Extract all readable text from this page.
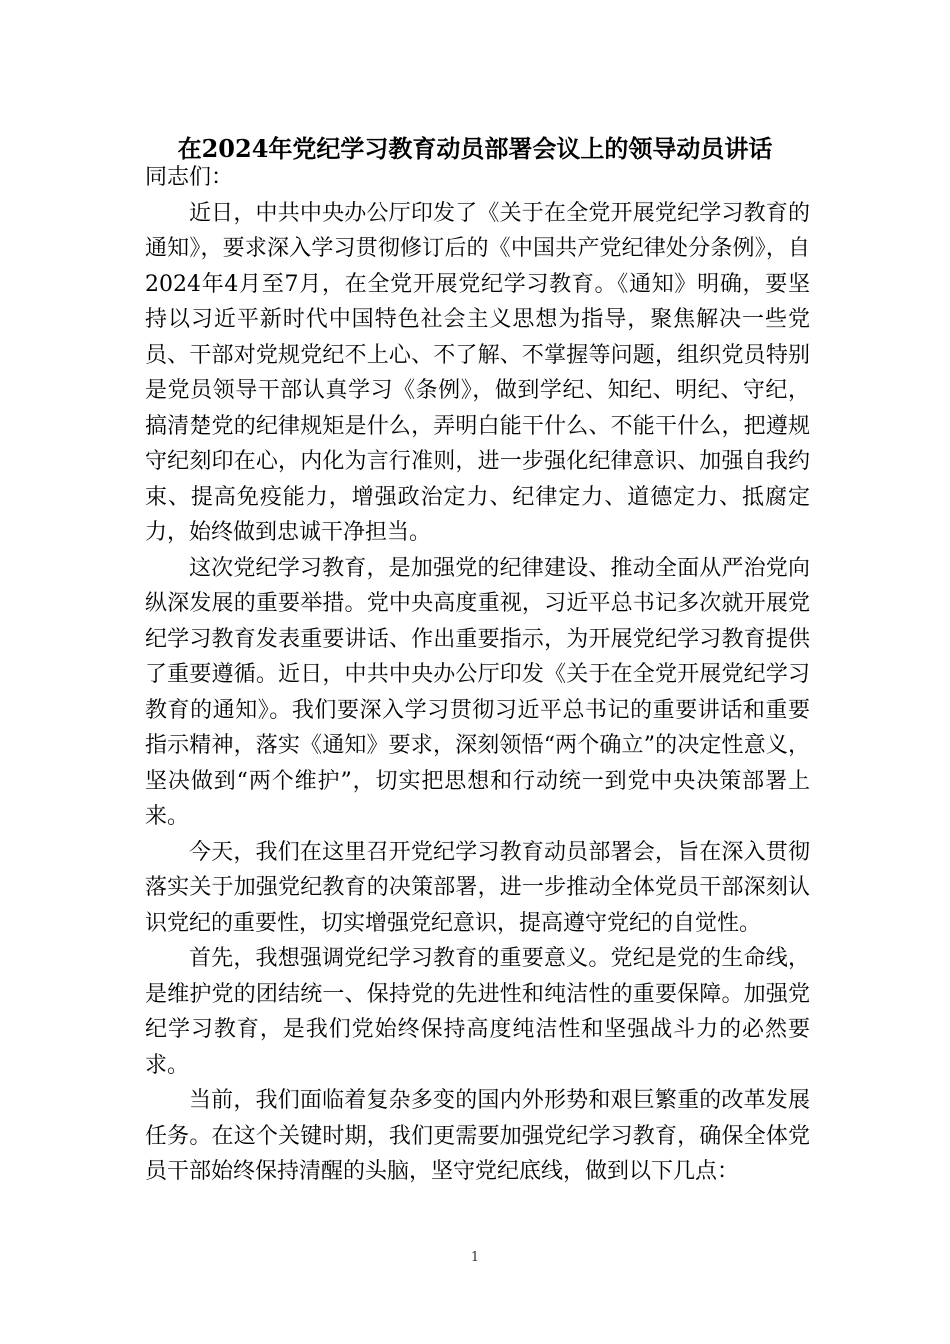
在2024年党纪学习教育动员部署会议上的领导动员讲话

同志们：

近日，中共中央办公厅印发了《关于在全党开展党纪学习教育的通知》，要求深入学习贯彻修订后的《中国共产党纪律处分条例》，自2024年4月至7月，在全党开展党纪学习教育。《通知》明确，要坚持以习近平新时代中国特色社会主义思想为指导，聚焦解决一些党员、干部对党规党纪不上心、不了解、不掌握等问题，组织党员特别是党员领导干部认真学习《条例》，做到学纪、知纪、明纪、守纪，搞清楚党的纪律规矩是什么，弄明白能干什么、不能干什么，把遵规守纪刻印在心，内化为言行准则，进一步强化纪律意识、加强自我约束、提高免疫能力，增强政治定力、纪律定力、道德定力、抵腐定力，始终做到忠诚干净担当。

这次党纪学习教育，是加强党的纪律建设、推动全面从严治党向纵深发展的重要举措。党中央高度重视，习近平总书记多次就开展党纪学习教育发表重要讲话、作出重要指示，为开展党纪学习教育提供了重要遵循。近日，中共中央办公厅印发《关于在全党开展党纪学习教育的通知》。我们要深入学习贯彻习近平总书记的重要讲话和重要指示精神，落实《通知》要求，深刻领悟“两个确立”的决定性意义，坚决做到“两个维护”，切实把思想和行动统一到党中央决策部署上来。

今天，我们在这里召开党纪学习教育动员部署会，旨在深入贯彻落实关于加强党纪教育的决策部署，进一步推动全体党员干部深刻认识党纪的重要性，切实增强党纪意识，提高遵守党纪的自觉性。

首先，我想强调党纪学习教育的重要意义。党纪是党的生命线，是维护党的团结统一、保持党的先进性和纯洁性的重要保障。加强党纪学习教育，是我们党始终保持高度纯洁性和坚强战斗力的必然要求。

当前，我们面临着复杂多变的国内外形势和艰巨繁重的改革发展任务。在这个关键时期，我们更需要加强党纪学习教育，确保全体党员干部始终保持清醒的头脑，坚守党纪底线，做到以下几点：

1
